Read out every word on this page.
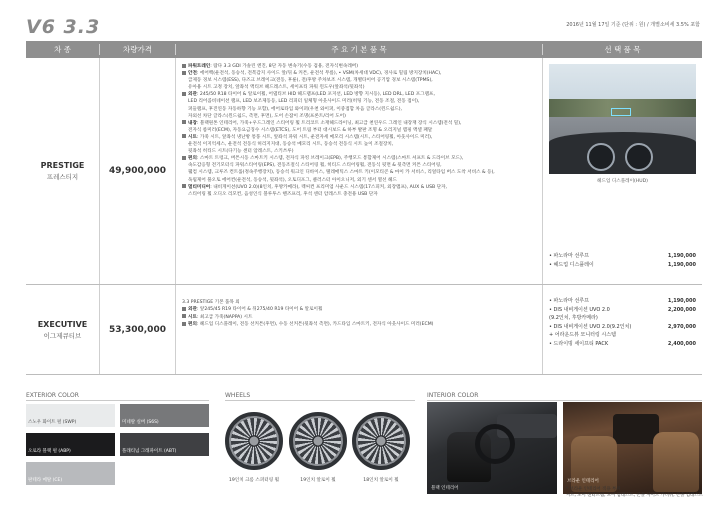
V6 3.3	2016년 11월 17일 기준 (단위 : 원) / 개별소비세 3.5% 포함
차 종	차량가격	주 요 기 본 품 목	선 택 품 목
PRESTIGE
프레스티지
49,900,000

파워트레인: 람다 3.3 GDI 가솔린 엔진, 8단 자동 변속기(수동 겸용, 전자식변속레버)

안전: 에어백(운전석, 동승석, 전복감지 사이드 앞/뒤 & 커튼, 운전석 무릎), • VSM(차세대 VDC), 경사로 밀림 방지장치(HAC),

급제동 경보 시스템(ESS), 다즈크 브레이크(전동, 후륜), 전/후방 주차보조 시스템, 개별타이어 공기압 경보 시스템(TPMS),

유아용 시트 고정 장치, 앞좌석 액티브 헤드레스트, 세이프티 파워 윈도우(앞좌석/뒷좌석)

외관: 245/50 R18 타이어 & 알로이휠, 어댑티브 HID 헤드램프(LED 포지션, LED 방향 지시등), LED DRL, LED 포그램프,

LED 리어콤비네이션 램프, LED 보조제동등, LED 리피터 일체형 아웃사이드 미러(히팅 기능, 전동 조절, 전동 접이),

퍼들램프, 후진연동 자동하향 기능 포함), 에어로타입 와이퍼(우천 와이퍼, 이중접합 차음 글라스(윈드쉴드),

자외선 차단 글라스(윈드쉴드, 측면, 후면), 도어 손잡이 조명(프론트/리어 도어)

내장: 블랙원톤 인테리어, 가죽+우드그레인 스티어링 휠 트리코트 소재헤드라이닝, 최고급 천연우드 그레인 내장재 장식 시스템(전석 밀),

전자식 룸미러(ECM), 자동요금징수 시스템(ETCS), 도어 트림 부터 대시보드 & 하부 발판 조명 & 오리지널 랩핑 액셀 패달

시트: 가죽 시트, 앞좌석 냉난방 통풍 시트, 앞좌석 파워 시트, 운전자세 메모리 시스템(시트, 스티어링휠, 아웃사이드 미러),

운전석 이지억세스, 운전석 전동식 허리지지대, 동승석 메모리 시트, 동승석 전동식 시트 높이 조절장치,

뒷좌석 히티드 시트(다기능 센터 암레스트, 스키쓰루)

편의: 스마트 트렁크, 버튼시동 스마트키 시스템, 전자식 파킹 브레이크(EPB), 주행모드 통합제어 시스템(스마트 셔프트 & 드라이브 모드),

속도감응형 전기모터식 파워스티어링(EPS), 전동조절식 스티어링 휠, 히티드 스티어링휠, 전동식 뒷면 & 뒷측면 커튼 스티어링,

웰컴 시스템, 크루즈 컨트롤(정속주행장치), 동승석 워크인 디바이스, 텔레매틱스 스마트 키(이모티콘 & 마이 카 서비스, 리얼타임 버스 도착 서비스 & 등),

독립제어 풀오토 에어컨(운전석, 동승석, 뒷좌석), 오토디포그, 클러스터 아이오니저, 외기 센서 열선 헤드

멀티미디어: 내비게이션(UVO 2.0)(8인치, 후방카메라), 렉씨컨 프리미엄 사운드 시스템(17스피커, 외장앰프), AUX & USB 단자,

스티어링 휠 오디오 리모컨, 음성인식 블루투스 핸즈프리, 후석 센터 암레스트 충전용 USB 단자

헤드업 디스플레이(HUD)
• 파노라마 선루프	1,190,000
• 헤드업 디스플레이	1,190,000
EXECUTIVE
이그제큐티브
53,300,000

3.3 PRESTIGE 기본 품목 외

외관: 앞245/45 R19 타이어 & 뒤275/40 R19 타이어 & 알로이휠

시트: 최고급 가죽(NAPPA) 시트

편의: 헤드업 디스플레이, 전동 선커튼(후면), 수동 선커튼(뒷좌석 측면), 카드타입 스마트키, 전자식 아웃사이드 미러(ECM)

• 파노라마 선루프	1,190,000
• DIS 내비게이션 UVO 2.0	2,200,000
(9.2인치, 후방카메라)
• DIS 내비게이션 UVO 2.0(9.2인치)	2,970,000
+ 어라운드뷰 모니터링 시스템
• 드라이빙 세이프티 PACK	2,400,000
EXTERIOR COLOR
스노우 화이트 펄 (SWP)	미네랄 실버 (S6S)
오로라 블랙 펄 (ABP)	플래티넘 그래파이트 (ABT)
판테라 메탈 (CE)
WHEELS
19인치 크롬 스퍼터링 휠	19인치 알로이 휠	18인치 알로이 휠
INTERIOR COLOR
블랙 인테리어
브라운 인테리어
* 브라운 인테리어 적용 부위
시트, 도어 센터트림, 도어 암레스트, 콘솔 사이드 가니쉬, 콘솔 암레스트
